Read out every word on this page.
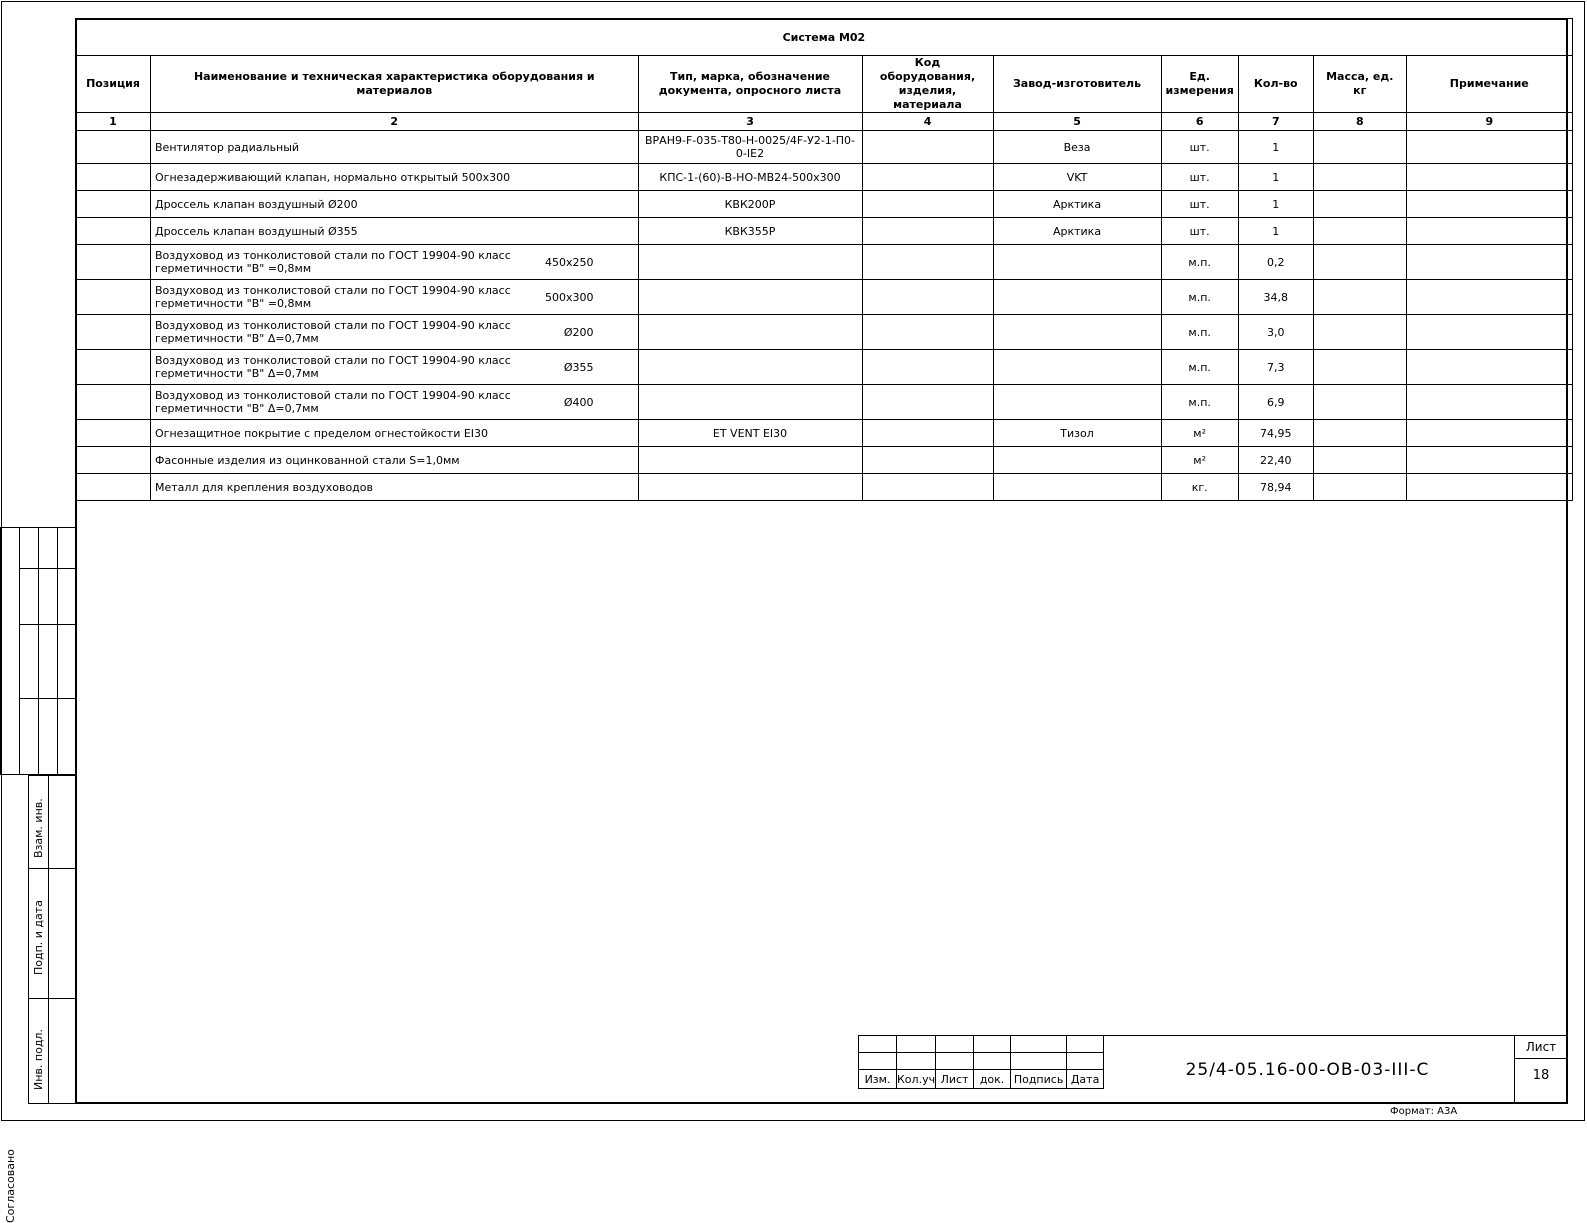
Система М02								
Позиция	Наименование и техническая характеристика оборудования и материалов	Тип, марка, обозначение документа, опросного листа	Код оборудования, изделия, материала	Завод-изготовитель	Ед. измерения	Кол-во	Масса, ед. кг	Примечание
1	2	3	4	5	6	7	8	9
	Вентилятор радиальный	ВРАН9-F-035-Т80-Н-0025/4F-У2-1-П0-0-IE2		Веза	шт.	1		
	Огнезадерживающий клапан, нормально открытый 500х300	КПС-1-(60)-В-НО-МВ24-500х300		VKT	шт.	1		
	Дроссель клапан воздушный Ø200	КВК200Р		Арктика	шт.	1		
	Дроссель клапан воздушный Ø355	КВК355Р		Арктика	шт.	1		

	Воздуховод из тонколистовой стали по ГОСТ 19904-90 класс герметичности "В" =0,8мм 450х250				м.п.	0,2		

	Воздуховод из тонколистовой стали по ГОСТ 19904-90 класс герметичности "В" =0,8мм 500х300				м.п.	34,8		

	Воздуховод из тонколистовой стали по ГОСТ 19904-90 класс герметичности "В" Δ=0,7мм Ø200				м.п.	3,0		

	Воздуховод из тонколистовой стали по ГОСТ 19904-90 класс герметичности "В" Δ=0,7мм Ø355				м.п.	7,3		

	Воздуховод из тонколистовой стали по ГОСТ 19904-90 класс герметичности "В" Δ=0,7мм Ø400				м.п.	6,9		
	Огнезащитное покрытие с пределом огнестойкости EI30	ET VENT EI30		Тизол	м²	74,95		
	Фасонные изделия из оцинкованной стали S=1,0мм				м²	22,40		
	Металл для крепления воздуховодов				кг.	78,94		
Согласовано
Взам. инв.
Подп. и дата
Инв. подл.

						Изм.	Кол.уч	Лист	док.	Подпись	Дата	25/4-05.16-00-ОВ-03-III-С
Лист
18
Формат: А3А
